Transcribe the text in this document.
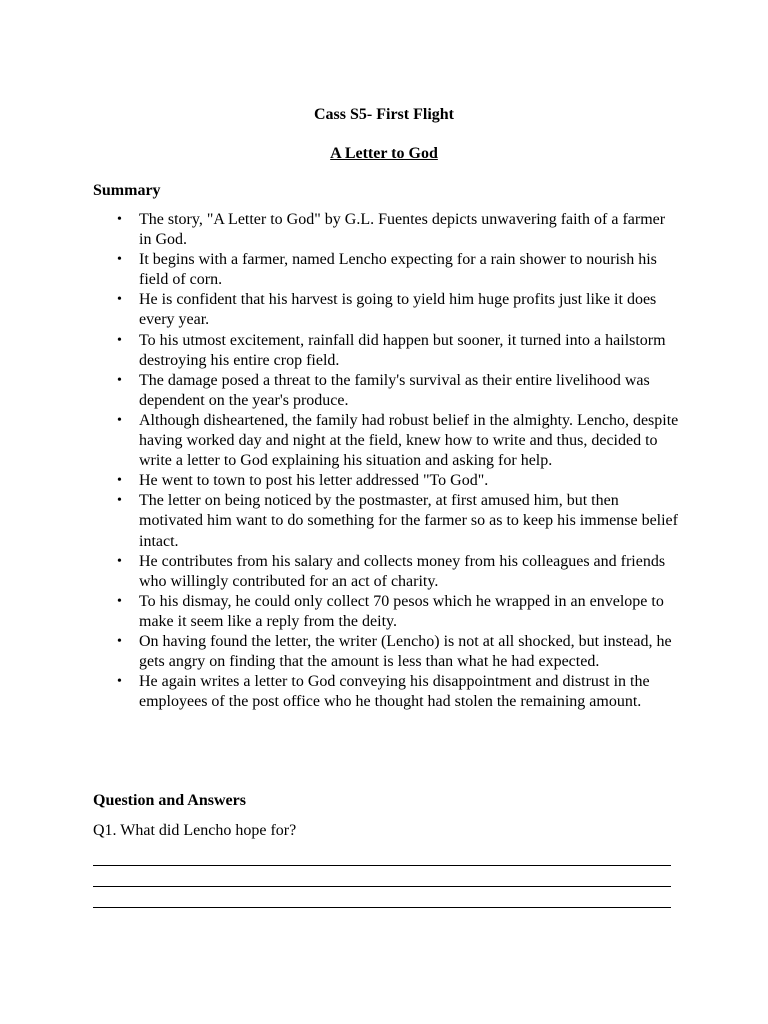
Cass S5- First Flight
A Letter to God
Summary
• The story, "A Letter to God" by G.L. Fuentes depicts unwavering faith of a farmer in God.
• It begins with a farmer, named Lencho expecting for a rain shower to nourish his field of corn.
• He is confident that his harvest is going to yield him huge profits just like it does every year.
• To his utmost excitement, rainfall did happen but sooner, it turned into a hailstorm destroying his entire crop field.
• The damage posed a threat to the family's survival as their entire livelihood was dependent on the year's produce.
• Although disheartened, the family had robust belief in the almighty. Lencho, despite having worked day and night at the field, knew how to write and thus, decided to write a letter to God explaining his situation and asking for help.
• He went to town to post his letter addressed "To God".
• The letter on being noticed by the postmaster, at first amused him, but then motivated him want to do something for the farmer so as to keep his immense belief intact.
• He contributes from his salary and collects money from his colleagues and friends who willingly contributed for an act of charity.
• To his dismay, he could only collect 70 pesos which he wrapped in an envelope to make it seem like a reply from the deity.
• On having found the letter, the writer (Lencho) is not at all shocked, but instead, he gets angry on finding that the amount is less than what he had expected.
• He again writes a letter to God conveying his disappointment and distrust in the employees of the post office who he thought had stolen the remaining amount.
Question and Answers
Q1. What did Lencho hope for?
